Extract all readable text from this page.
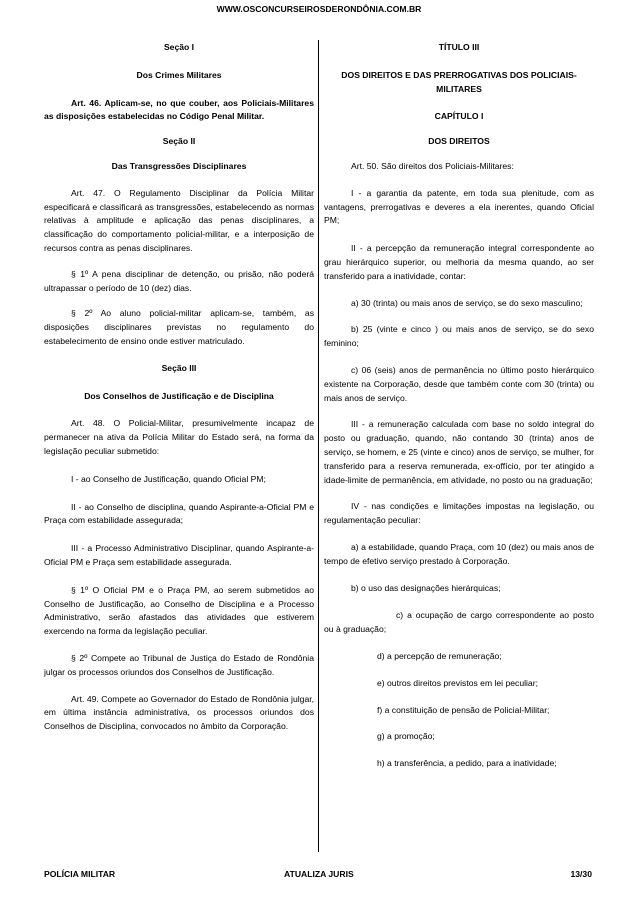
WWW.OSCONCURSEIROSDERONDÔNIA.COM.BR

Seção I

Dos Crimes Militares

Art. 46. Aplicam-se, no que couber, aos Policiais-Militares as disposições estabelecidas no Código Penal Militar.

Seção II

Das Transgressões Disciplinares

Art. 47. O Regulamento Disciplinar da Polícia Militar especificará e classificará as transgressões, estabelecendo as normas relativas à amplitude e aplicação das penas disciplinares, a classificação do comportamento policial-militar, e a interposição de recursos contra as penas disciplinares.

§ 1º A pena disciplinar de detenção, ou prisão, não poderá ultrapassar o período de 10 (dez) dias.

§ 2º Ao aluno policial-militar aplicam-se, também, as disposições disciplinares previstas no regulamento do estabelecimento de ensino onde estiver matriculado.

Seção III

Dos Conselhos de Justificação e de Disciplina

Art. 48. O Policial-Militar, presumivelmente incapaz de permanecer na ativa da Polícia Militar do Estado será, na forma da legislação peculiar submetido:

I - ao Conselho de Justificação, quando Oficial PM;

II - ao Conselho de disciplina, quando Aspirante-a-Oficial PM e Praça com estabilidade assegurada;

III - a Processo Administrativo Disciplinar, quando Aspirante-a-Oficial PM e Praça sem estabilidade assegurada.

§ 1º O Oficial PM e o Praça PM, ao serem submetidos ao Conselho de Justificação, ao Conselho de Disciplina e a Processo Administrativo, serão afastados das atividades que estiverem exercendo na forma da legislação peculiar.

§ 2º Compete ao Tribunal de Justiça do Estado de Rondônia julgar os processos oriundos dos Conselhos de Justificação.

Art. 49. Compete ao Governador do Estado de Rondônia julgar, em última instância administrativa, os processos oriundos dos Conselhos de Disciplina, convocados no âmbito da Corporação.

TÍTULO III

DOS DIREITOS E DAS PRERROGATIVAS DOS POLICIAIS-MILITARES

CAPÍTULO I

DOS DIREITOS

Art. 50. São direitos dos Policiais-Militares:

I - a garantia da patente, em toda sua plenitude, com as vantagens, prerrogativas e deveres a ela inerentes, quando Oficial PM;

II - a percepção da remuneração integral correspondente ao grau hierárquico superior, ou melhoria da mesma quando, ao ser transferido para a inatividade, contar:

a) 30 (trinta) ou mais anos de serviço, se do sexo masculino;

b) 25 (vinte e cinco ) ou mais anos de serviço, se do sexo feminino;

c) 06 (seis) anos de permanência no último posto hierárquico existente na Corporação, desde que também conte com 30 (trinta) ou mais anos de serviço.

III - a remuneração calculada com base no soldo integral do posto ou graduação, quando, não contando 30 (trinta) anos de serviço, se homem, e 25 (vinte e cinco) anos de serviço, se mulher, for transferido para a reserva remunerada, ex-offício, por ter atingido a idade-limite de permanência, em atividade, no posto ou na graduação;

IV - nas condições e limitações impostas na legislação, ou regulamentação peculiar:

a) a estabilidade, quando Praça, com 10 (dez) ou mais anos de tempo de efetivo serviço prestado à Corporação.

b) o uso das designações hierárquicas;

c) a ocupação de cargo correspondente ao posto ou à graduação;

d) a percepção de remuneração;

e) outros direitos previstos em lei peculiar;

f) a constituição de pensão de Policial-Militar;

g) a promoção;

h) a transferência, a pedido, para a inatividade;

POLÍCIA MILITAR	ATUALIZA JURIS	13/30
